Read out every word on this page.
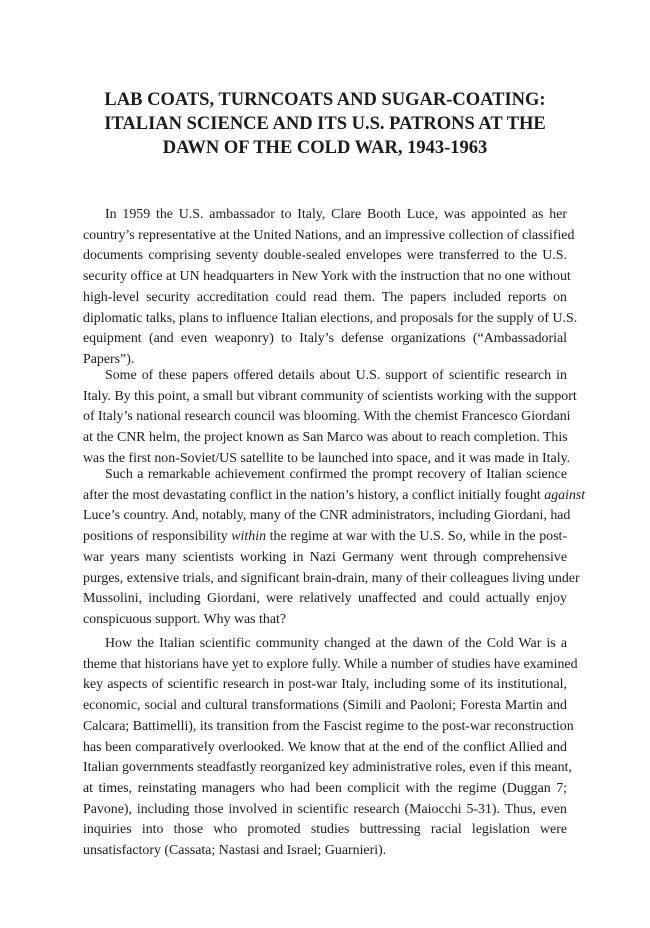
LAB COATS, TURNCOATS AND SUGAR-COATING:
ITALIAN SCIENCE AND ITS U.S. PATRONS AT THE
DAWN OF THE COLD WAR, 1943-1963

In 1959 the U.S. ambassador to Italy, Clare Booth Luce, was appointed as her
country’s representative at the United Nations, and an impressive collection of classified
documents comprising seventy double-sealed envelopes were transferred to the U.S.
security office at UN headquarters in New York with the instruction that no one without
high-level security accreditation could read them. The papers included reports on
diplomatic talks, plans to influence Italian elections, and proposals for the supply of U.S.
equipment (and even weaponry) to Italy’s defense organizations (“Ambassadorial
Papers”).

Some of these papers offered details about U.S. support of scientific research in
Italy. By this point, a small but vibrant community of scientists working with the support
of Italy’s national research council was blooming. With the chemist Francesco Giordani
at the CNR helm, the project known as San Marco was about to reach completion. This
was the first non-Soviet/US satellite to be launched into space, and it was made in Italy.

Such a remarkable achievement confirmed the prompt recovery of Italian science
after the most devastating conflict in the nation’s history, a conflict initially fought against
Luce’s country. And, notably, many of the CNR administrators, including Giordani, had
positions of responsibility within the regime at war with the U.S. So, while in the post-
war years many scientists working in Nazi Germany went through comprehensive
purges, extensive trials, and significant brain-drain, many of their colleagues living under
Mussolini, including Giordani, were relatively unaffected and could actually enjoy
conspicuous support. Why was that?

How the Italian scientific community changed at the dawn of the Cold War is a
theme that historians have yet to explore fully. While a number of studies have examined
key aspects of scientific research in post-war Italy, including some of its institutional,
economic, social and cultural transformations (Simili and Paoloni; Foresta Martin and
Calcara; Battimelli), its transition from the Fascist regime to the post-war reconstruction
has been comparatively overlooked. We know that at the end of the conflict Allied and
Italian governments steadfastly reorganized key administrative roles, even if this meant,
at times, reinstating managers who had been complicit with the regime (Duggan 7;
Pavone), including those involved in scientific research (Maiocchi 5-31). Thus, even
inquiries into those who promoted studies buttressing racial legislation were
unsatisfactory (Cassata; Nastasi and Israel; Guarnieri).
